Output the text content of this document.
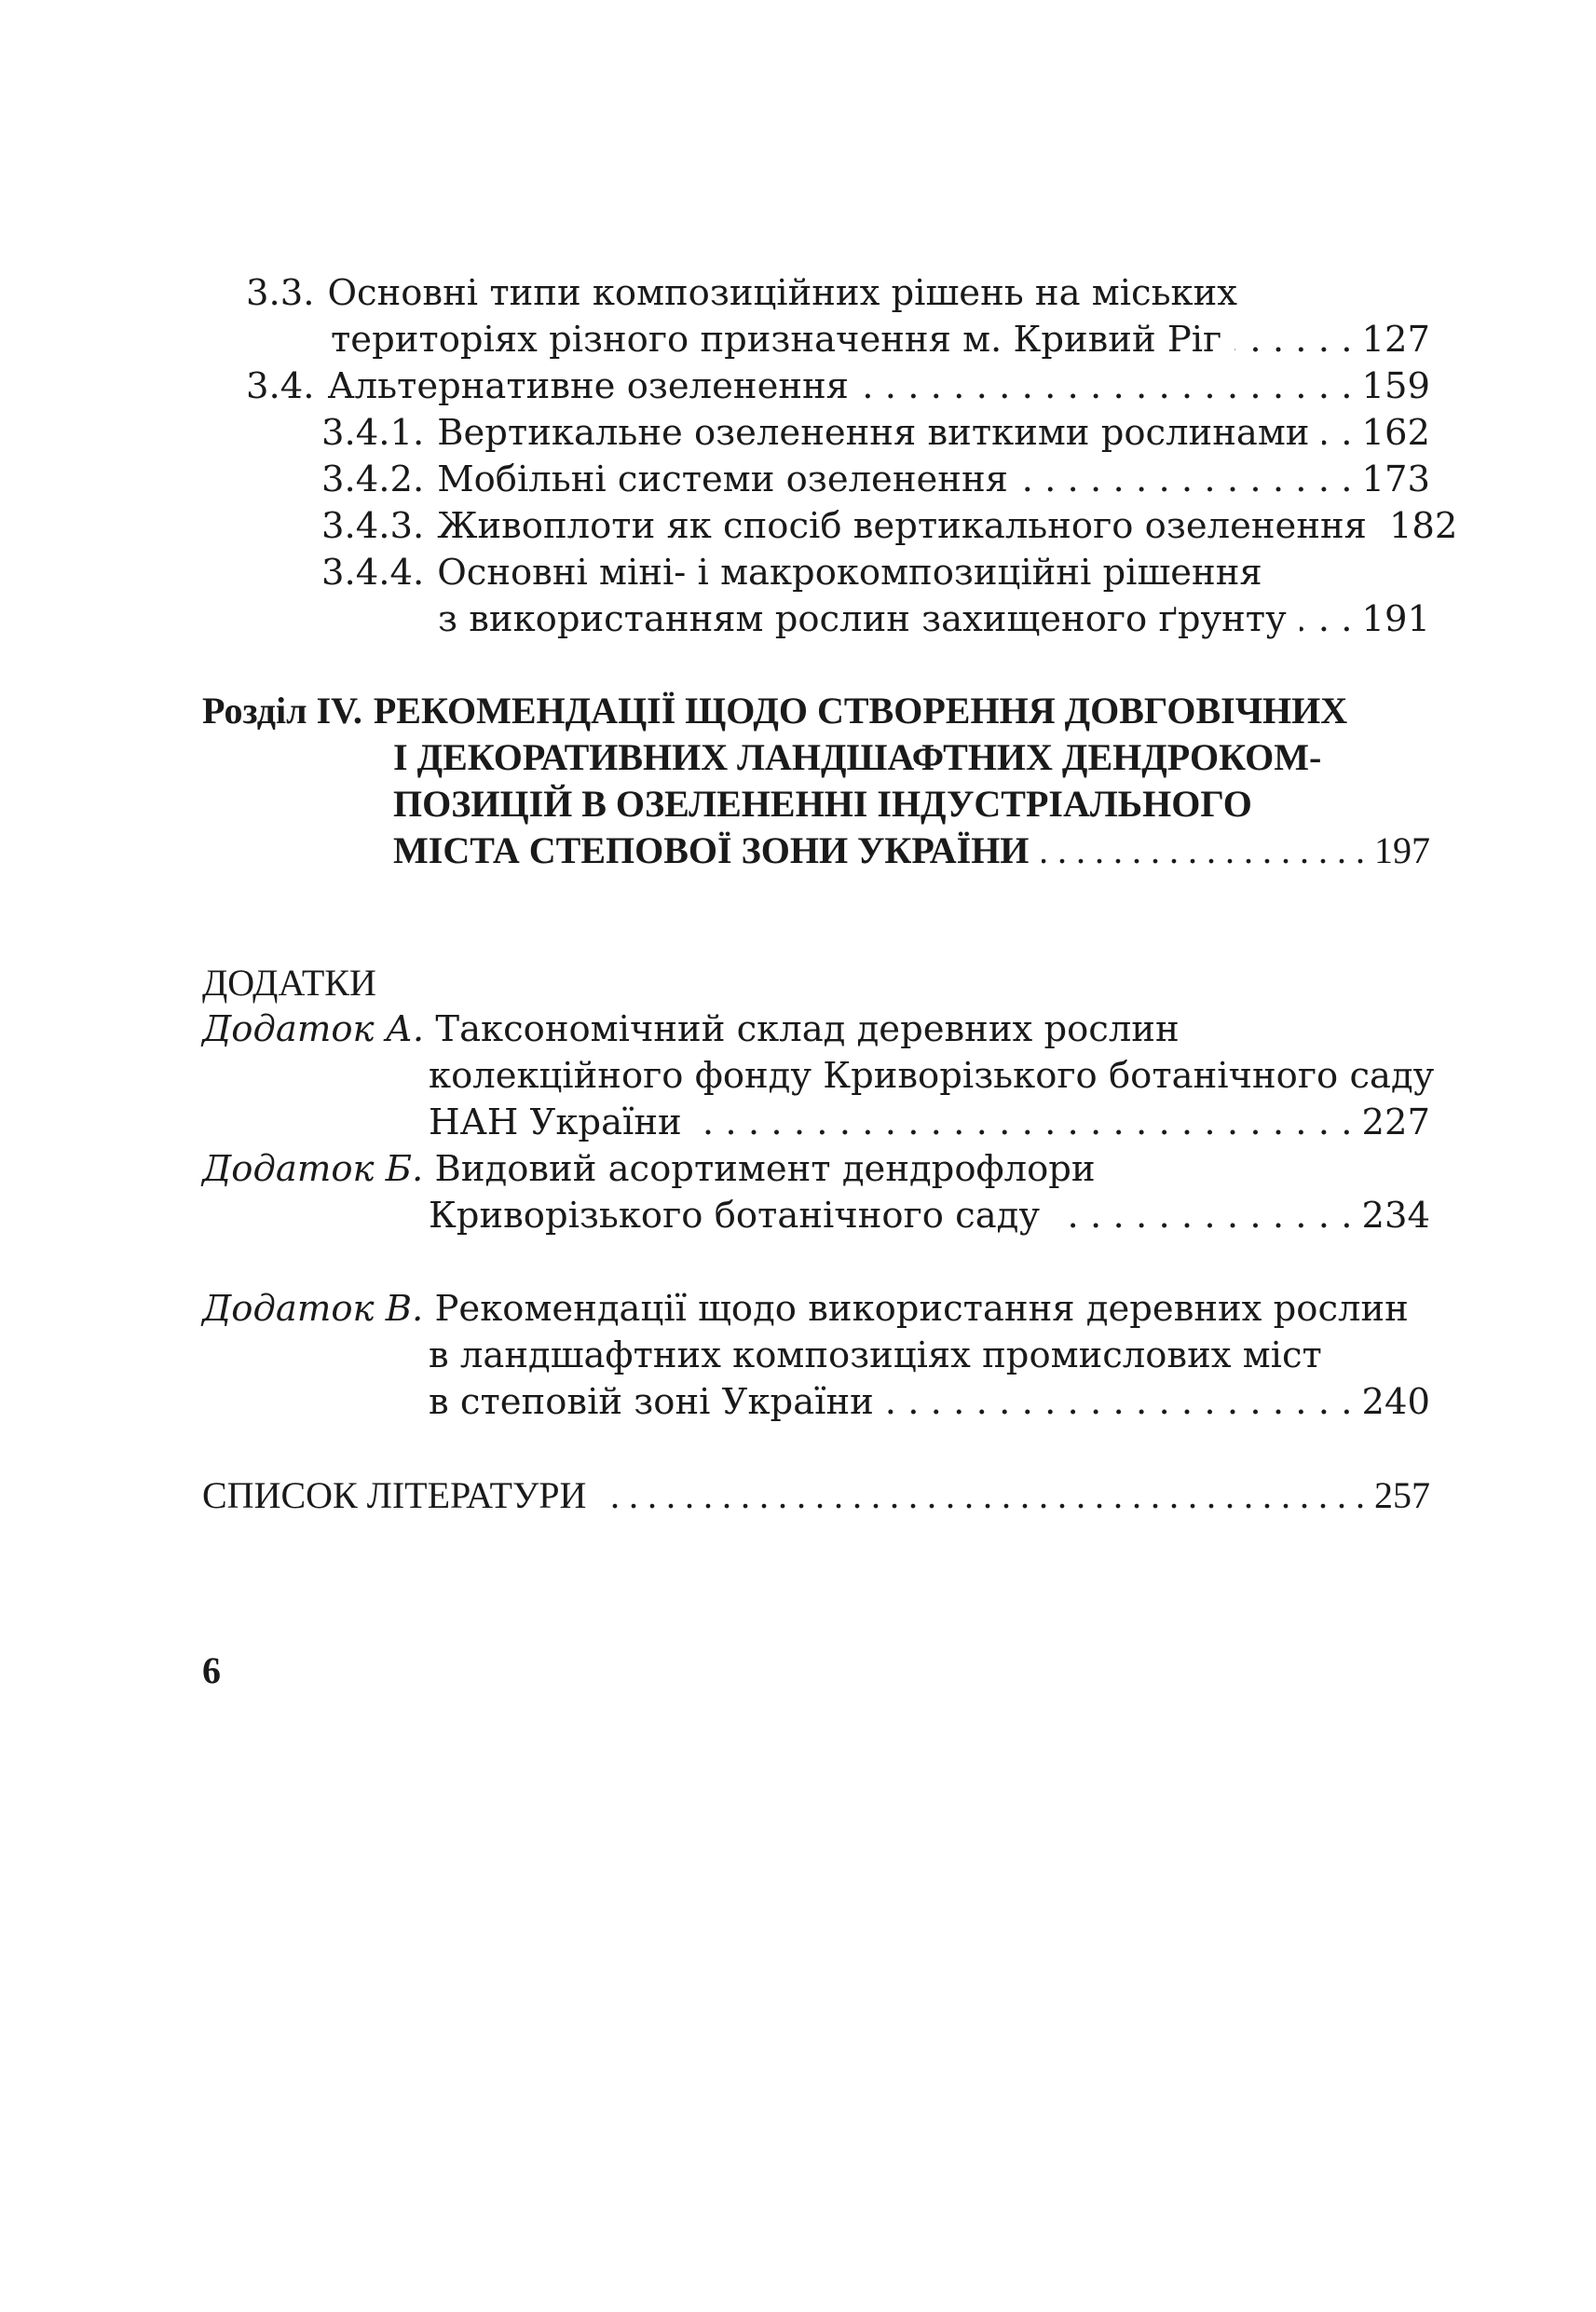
3.3. Основні типи композиційних рішень на міських
територіях різного призначення м. Кривий Ріг . . .	127
3.4. Альтернативне озеленення . . .	159
3.4.1. Вертикальне озеленення виткими рослинами . . . 162
3.4.2. Мобільні системи озеленення . . .	173
3.4.3. Живоплоти як спосіб вертикального озеленення 182
3.4.4. Основні міні- і макрокомпозиційні рішення
з використанням рослин захищеного ґрунту . . . 191
Розділ IV. РЕКОМЕНДАЦІЇ ЩОДО СТВОРЕННЯ ДОВГОВІЧНИХ
І ДЕКОРАТИВНИХ ЛАНДШАФТНИХ ДЕНДРОКОМ-
ПОЗИЦІЙ В ОЗЕЛЕНЕННІ ІНДУСТРІАЛЬНОГО
МІСТА СТЕПОВОЇ ЗОНИ УКРАЇНИ . . .	197
ДОДАТКИ
Додаток А. Таксономічний склад деревних рослин
колекційного фонду Криворізького ботанічного саду
НАН України . . .	227
Додаток Б. Видовий асортимент дендрофлори
Криворізького ботанічного саду . . .	234
Додаток В. Рекомендації щодо використання деревних рослин
в ландшафтних композиціях промислових міст
в степовій зоні України . . .	240
СПИСОК ЛІТЕРАТУРИ . . .	257
6
